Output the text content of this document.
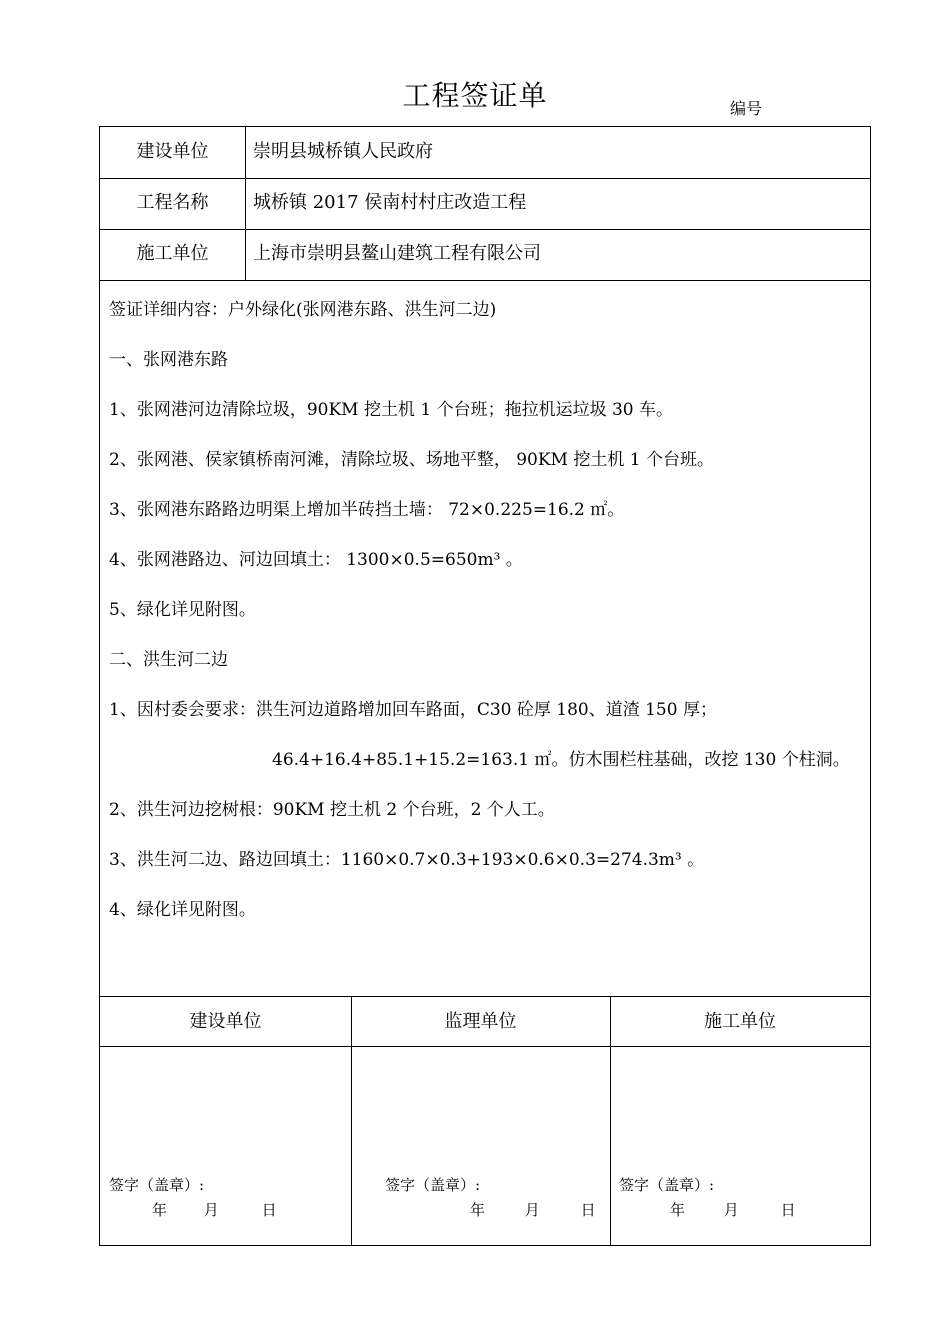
工程签证单	编号
建设单位	崇明县城桥镇人民政府
工程名称	城桥镇 2017 侯南村村庄改造工程
施工单位	上海市崇明县鳌山建筑工程有限公司
签证详细内容：户外绿化(张网港东路、洪生河二边)
一、张网港东路
1、张网港河边清除垃圾，90KM 挖土机 1 个台班；拖拉机运垃圾 30 车。
2、张网港、侯家镇桥南河滩，清除垃圾、场地平整， 90KM 挖土机 1 个台班。
3、张网港东路路边明渠上增加半砖挡土墙： 72×0.225=16.2 ㎡。
4、张网港路边、河边回填土： 1300×0.5=650m³ 。
5、绿化详见附图。
二、洪生河二边
1、因村委会要求：洪生河边道路增加回车路面，C30 砼厚 180、道渣 150 厚；
46.4+16.4+85.1+15.2=163.1 ㎡。仿木围栏柱基础，改挖 130 个柱洞。
2、洪生河边挖树根：90KM 挖土机 2 个台班，2 个人工。
3、洪生河二边、路边回填土：1160×0.7×0.3+193×0.6×0.3=274.3m³ 。
4、绿化详见附图。
建设单位	监理单位	施工单位
签字（盖章）:
年 月	日
签字（盖章）:
年	月	日
签字（盖章）:
年	月	日
